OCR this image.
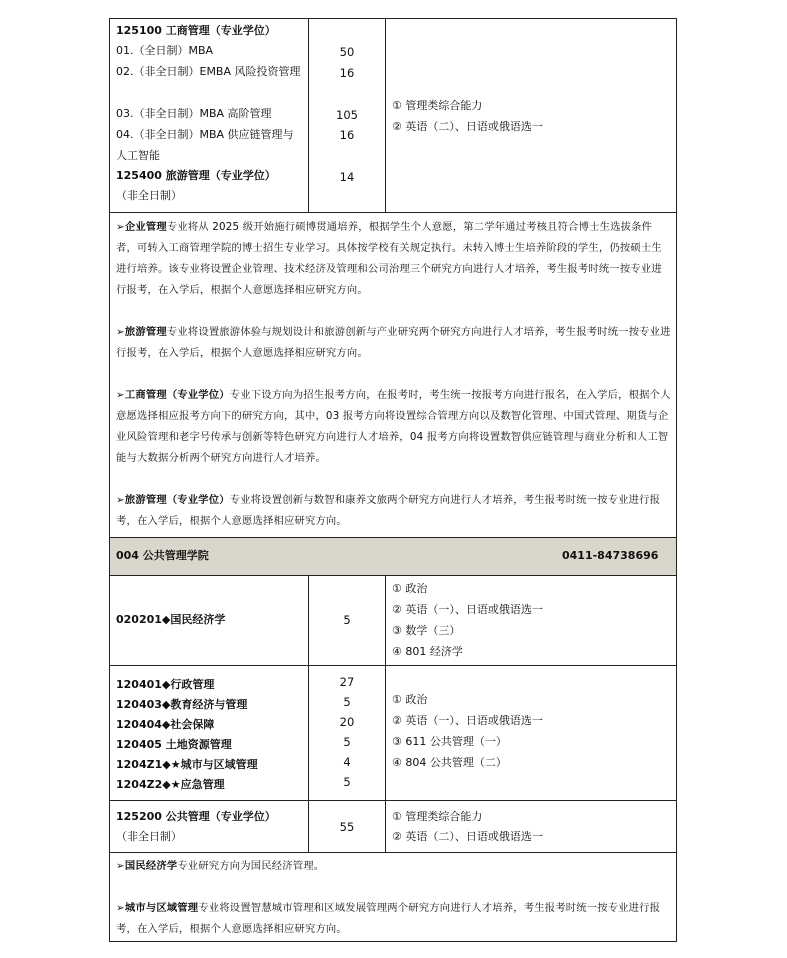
125100 工商管理（专业学位）
01.（全日制）MBA
02.（非全日制）EMBA 风险投资管理
03.（非全日制）MBA 高阶管理
04.（非全日制）MBA 供应链管理与
人工智能
125400 旅游管理（专业学位）
（非全日制）
50
16
105
16
14
① 管理类综合能力
② 英语（二）、日语或俄语选一
➢企业管理专业将从 2025 级开始施行硕博贯通培养，根据学生个人意愿，第二学年通过考核且符合博士生选拔条件者，可转入工商管理学院的博士招生专业学习。具体按学校有关规定执行。未转入博士生培养阶段的学生，仍按硕士生进行培养。该专业将设置企业管理、技术经济及管理和公司治理三个研究方向进行人才培养，考生报考时统一按专业进行报考，在入学后，根据个人意愿选择相应研究方向。
➢旅游管理专业将设置旅游体验与规划设计和旅游创新与产业研究两个研究方向进行人才培养，考生报考时统一按专业进行报考，在入学后，根据个人意愿选择相应研究方向。
➢工商管理（专业学位）专业下设方向为招生报考方向，在报考时，考生统一按报考方向进行报名，在入学后，根据个人意愿选择相应报考方向下的研究方向，其中，03 报考方向将设置综合管理方向以及数智化管理、中国式管理、期货与企业风险管理和老字号传承与创新等特色研究方向进行人才培养，04 报考方向将设置数智供应链管理与商业分析和人工智能与大数据分析两个研究方向进行人才培养。
➢旅游管理（专业学位）专业将设置创新与数智和康养文旅两个研究方向进行人才培养，考生报考时统一按专业进行报考，在入学后，根据个人意愿选择相应研究方向。
004 公共管理学院	0411-84738696
020201◆国民经济学	5
① 政治
② 英语（一）、日语或俄语选一
③ 数学（三）
④ 801 经济学
120401◆行政管理
120403◆教育经济与管理
120404◆社会保障
120405 土地资源管理
1204Z1◆★城市与区域管理
1204Z2◆★应急管理
27
5
20
5
4
5
① 政治
② 英语（一）、日语或俄语选一
③ 611 公共管理（一）
④ 804 公共管理（二）
125200 公共管理（专业学位）
（非全日制）
55
① 管理类综合能力
② 英语（二）、日语或俄语选一
➢国民经济学专业研究方向为国民经济管理。
➢城市与区域管理专业将设置智慧城市管理和区域发展管理两个研究方向进行人才培养，考生报考时统一按专业进行报考，在入学后，根据个人意愿选择相应研究方向。
